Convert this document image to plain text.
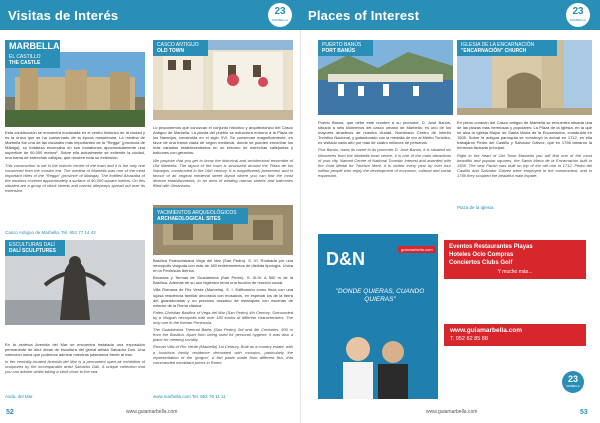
Visitas de Interés	23
MARBELLA	Places of Interest	23
MARBELLA
MARBELLA
EL CASTILLO
THE CASTLE

Esta construcción se encuentra enclavada en el centro histórico de la ciudad y es la única que se ha conservado de la época musulmana. La medina de Marbella fue una de las ciudades más importantes de la "Regga" (provincia de Málaga), su fortaleza encerraba en sus murallones aproximadamente una superficie de 90.000 metros². Sobre ella actualmente se extiende la ciudad, una trama de estrechas callejas, que recubre toda su extensión.

This construction is set in the historic centre of the town and it is the only one conserved from the muslim era. The medina of Marbella was one of the most important cities of the "Regga" (province of Malaga). The fortified Alcazaba of the muslims covered approximately a surface of 90,000 square meters. On this situated are a group of block streets and narrow alleyways spread out over its extension.

Casco Antiguo de Marbella. Tel. 952 77 14 42
ESCULTURAS DALÍ
DALÍ SCULPTURES

En la céntrica Avenida del Mar se encuentra instalada una exposición permanente de diez obras de escultura del genial artista Salvador Dalí. Una colección única que podemos admirar mientras paseamos frente al mar.

In the centrally-located Avenida del Mar is a permanent open-air exhibition of sculptures by the incomparable artist Salvador Dalí. A unique collection that you can admire whilst taking a stroll close to the sea.

Avda. del Mar
CASCO ANTIGUO
OLD TOWN

Lo proponemos que conozcan el conjunto histórico y arquitectónico del Casco Antiguo de Marbella. La planta del pueblo se estructura entorno a la Plaza de los Naranjos, construida en el siglo XVI. Se conservan magníficamente, en favor de una trama viaria de origen medieval, donde se pueden encontrar los más variados establecimientos en un entorno de estrechas callejuelas y balcones con geranios.

We propose that you get to know the historical and architectural ensemble of Old Marbella. The layout of the town is structured around the Plaza de los Naranjos, constructed in the 16th century. It is magnificently preserved, and in favour of an original medieval street layout where you can find the most diverse establishments, in an area of winding narrow streets and balconies filled with Geraniums.

YACIMIENTOS ARQUEOLÓGICOS
ARCHAEOLOGICAL SITES

Basílica Paleocristiana Vega del Mar (San Pedro). S. VI. Rodeada por una necrópolis visigoda con más de 180 enterramientos de distinta tipología. Única en la Península Ibérica.

Bóvedas y Termas de Guadalmina (San Pedro). S. III-IV. A 500 m de la Basílica. Además de su uso higiénico tenía una función de reunión social.

Villa Romana de Río Verde (Marbella). S. I. Edificación como finca con una lujosa residencia familiar decorada con mosaicos, en especial los de la tierra del guardacostas y un precioso mosaico de estanques con escenas de exterior de la Roma clásica.

Paleo-Christian Basilica of Vega del Mar (San Pedro) 4th Century. Surrounded by a Visigoth necropolis with over 180 tombs of different characteristics. The only one in the Iberian Peninsula.

The Guadalmina Thermal Baths (San Pedro) 3rd and 4th Centuries. 500 m from the Basilica. Apart from being used for personal hygiene, it was also a place for meeting socially.

Roman Villa of Río Verde (Marbella) 1st Century. Built as a country estate, with a luxurious family residence decorated with mosaics, particularly the representation of the 'gorgon', a fish paste made from different fish, that commanded exorbitant prices in Rome.

www.marbella.com Tel. 952 76 11 11
PUERTO BANÚS
PORT BANÚS

Puerto Banús, que debe este nombre a su promotor, D. José Banús, situado a seis kilómetros del casco urbano de Marbella, es uno de los mayores atractivos de nuestra ciudad. Nombrado Centro de Interés Turístico Nacional, y galardonado con la medalla de oro al Mérito Turístico, es visitado cada año por más de cuatro millones de personas.

Port Banús, owes its name to its promoter D. José Banús, it is situated six kilometres from the Marbella town centre, it is one of the main attractions of your city. Named Centre of National Touristic Interest and awarded with the Gold Medal for Tourism Merit, it is visited every year by over four million people who enjoy the development of economic, cultural and social expansion.

IGLESIA DE LA ENCARNACIÓN
"ENCARNACIÓN" CHURCH

En pleno corazón del Casco antiguo de Marbella se encuentra situada una de las plazas más hermosas y populares: La Plaza de la Iglesia, en la que se alza la Iglesia Mayor de Santa María de la Encarnación, construida en 1505. Sobre la antigua parroquia se construyó la actual en 1712, en ella trabajaron Pedro del Castillo y Salvador Gálvez, que en 1756 labraron la hermosa fachada principal.

Right in the heart of Old Town Marbella you will find one of the most beautiful and popular squares, the Santa María de la Encarnación built in 1505. The new Parish was built on top of the old one in 1712; Pedro del Castillo and Salvador Gálvez were employed in the construction, and in 1756 they sculpted the beautiful main façade.

Plaza de la Iglesia
D&N	guiamarbella.com
"DONDE QUIERAS, CUANDO QUIERAS"
Eventos Restaurantes Playas
Hoteles Ocio Compras
Conciertos Clubs Golf
Y mucho más...
www.guiamarbella.com
T. 952 82 85 88
23
MARBELLA
52	www.guiamarbella.com	www.guiamarbella.com	53
